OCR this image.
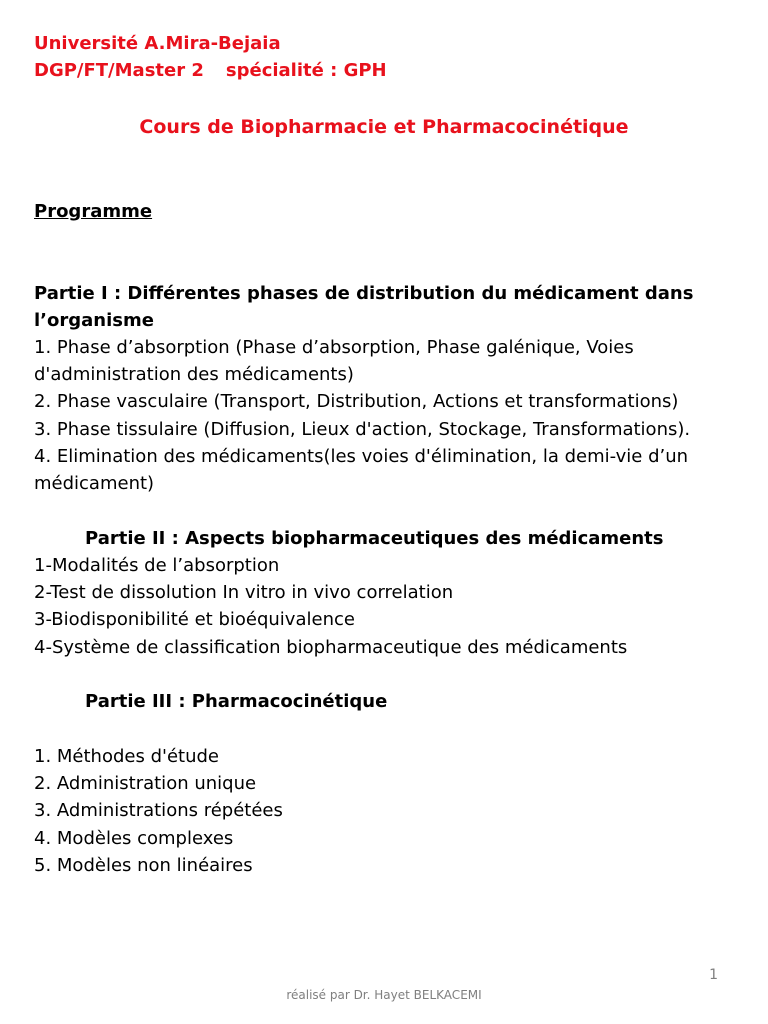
Université A.Mira-Bejaia
DGP/FT/Master 2 spécialité : GPH
Cours de Biopharmacie et Pharmacocinétique
Programme
Partie I : Différentes phases de distribution du médicament dans
l’organisme
1. Phase d’absorption (Phase d’absorption, Phase galénique, Voies
d'administration des médicaments)
2. Phase vasculaire (Transport, Distribution, Actions et transformations)
3. Phase tissulaire (Diffusion, Lieux d'action, Stockage, Transformations).
4. Elimination des médicaments(les voies d'élimination, la demi-vie d’un
médicament)
Partie II : Aspects biopharmaceutiques des médicaments
1-Modalités de l’absorption
2-Test de dissolution In vitro in vivo correlation
3-Biodisponibilité et bioéquivalence
4-Système de classification biopharmaceutique des médicaments
Partie III : Pharmacocinétique
1. Méthodes d'étude
2. Administration unique
3. Administrations répétées
4. Modèles complexes
5. Modèles non linéaires
1
réalisé par Dr. Hayet BELKACEMI
